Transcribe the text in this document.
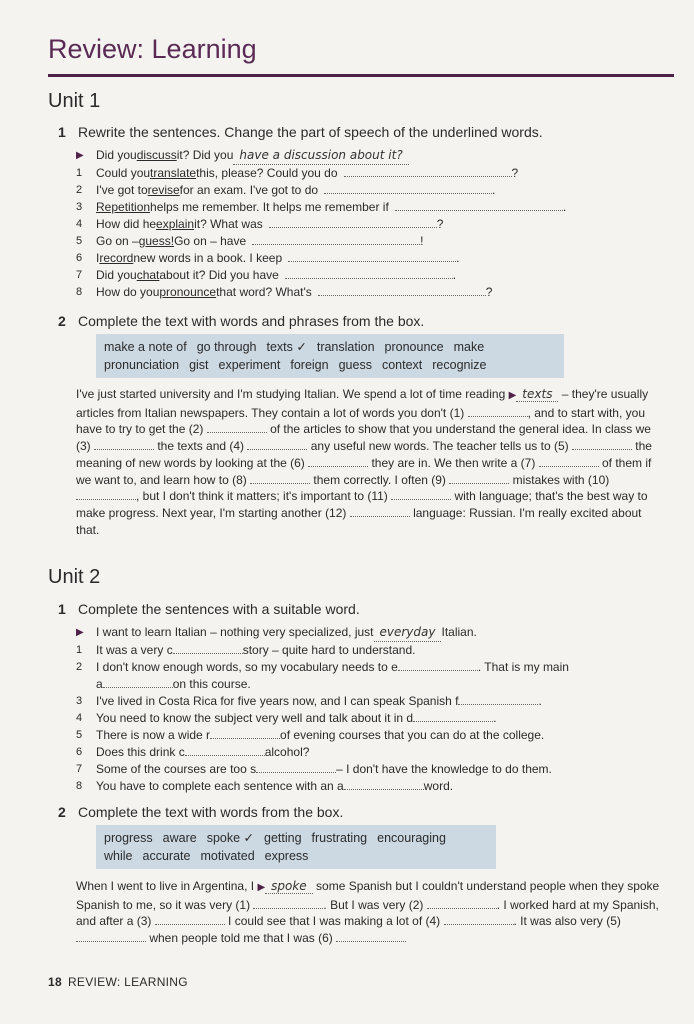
Review: Learning
Unit 1
1 Rewrite the sentences. Change the part of speech of the underlined words.
▶	Did you discuss it? Did you have a discussion about it?
1	Could you translate this, please? Could you do	?
2	I've got to revise for an exam. I've got to do	.
3	Repetition helps me remember. It helps me remember if	.
4	How did he explain it? What was	?
5	Go on – guess! Go on – have	!
6	I record new words in a book. I keep	.
7	Did you chat about it? Did you have	.
8	How do you pronounce that word? What's	?
2 Complete the text with words and phrases from the box.
make a note of go through texts ✓ translation pronounce make
pronunciation gist experiment foreign guess context recognize

I've just started university and I'm studying Italian. We spend a lot of time reading ▶texts – they're usually articles from Italian newspapers. They contain a lot of words you don't (1)	, and to start with, you have to try to get the (2)	of the articles to show that you understand the general idea. In class we (3)	the texts and (4)	any useful new words. The teacher tells us to (5)	the meaning of new words by looking at the (6)	they are in. We then write a (7)	of them if we want to, and learn how to (8)	them correctly. I often (9)	mistakes with (10) , but I don't think it matters; it's important to (11)	with language; that's the best way to make progress. Next year, I'm starting another (12)	language: Russian. I'm really excited about that.

Unit 2
1 Complete the sentences with a suitable word.
▶	I want to learn Italian – nothing very specialized, just everyday Italian.
1	It was a very c	story – quite hard to understand.
2	I don't know enough words, so my vocabulary needs to e	. That is my main
a	on this course.
3	I've lived in Costa Rica for five years now, and I can speak Spanish f	.
4	You need to know the subject very well and talk about it in d	.
5	There is now a wide r	of evening courses that you can do at the college.
6	Does this drink c	alcohol?
7	Some of the courses are too s	– I don't have the knowledge to do them.
8	You have to complete each sentence with an a	word.
2 Complete the text with words from the box.
progress aware spoke ✓ getting frustrating encouraging
while accurate motivated express

When I went to live in Argentina, I ▶spoke some Spanish but I couldn't understand people when they spoke Spanish to me, so it was very (1)	. But I was very (2)	. I worked hard at my Spanish, and after a (3)	I could see that I was making a lot of (4)	. It was also very (5)  when people told me that I was (6)

18 REVIEW: LEARNING
